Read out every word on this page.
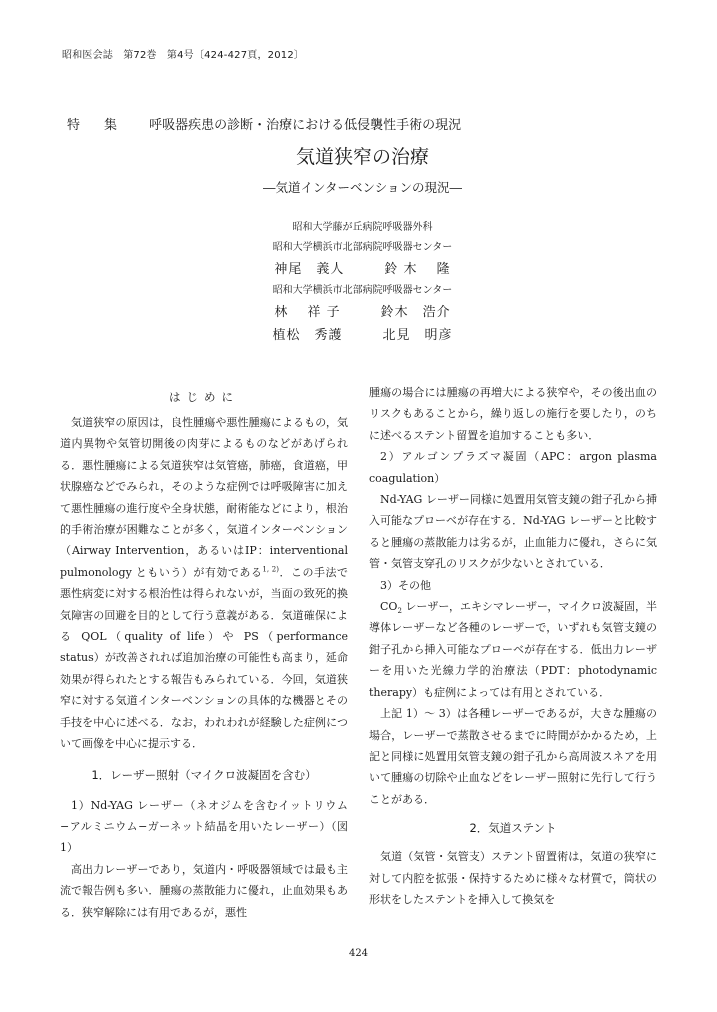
昭和医会誌　第72巻　第4号〔424-427頁，2012〕
特集 呼吸器疾患の診断・治療における低侵襲性手術の現況
気道狭窄の治療
―気道インターベンションの現況―
昭和大学藤が丘病院呼吸器外科
昭和大学横浜市北部病院呼吸器センター
神尾　義人	鈴 木　 隆
昭和大学横浜市北部病院呼吸器センター
林　 祥 子	鈴木　浩介
植松　秀護	北見　明彦
はじめに

気道狭窄の原因は，良性腫瘍や悪性腫瘍によるもの，気道内異物や気管切開後の肉芽によるものなどがあげられる．悪性腫瘍による気道狭窄は気管癌，肺癌，食道癌，甲状腺癌などでみられ，そのような症例では呼吸障害に加えて悪性腫瘍の進行度や全身状態，耐術能などにより，根治的手術治療が困難なことが多く，気道インターベンション（Airway Intervention，あるいはIP：interventional pulmonology ともいう）が有効である$^{1, 2)}$．この手法で悪性病変に対する根治性は得られないが，当面の致死的換気障害の回避を目的として行う意義がある．気道確保による QOL（quality of life）や PS（performance status）が改善されれば追加治療の可能性も高まり，延命効果が得られたとする報告もみられている．今回，気道狭窄に対する気道インターベンションの具体的な機器とその手技を中心に述べる．なお，われわれが経験した症例について画像を中心に提示する．

1．レーザー照射（マイクロ波凝固を含む）

1）Nd-YAG レーザー（ネオジムを含むイットリウム−アルミニウム−ガーネット結晶を用いたレーザー）（図 1）

高出力レーザーであり，気道内・呼吸器領域では最も主流で報告例も多い．腫瘍の蒸散能力に優れ，止血効果もある．狭窄解除には有用であるが，悪性

腫瘍の場合には腫瘍の再増大による狭窄や，その後出血のリスクもあることから，繰り返しの施行を要したり，のちに述べるステント留置を追加することも多い．

2）アルゴンプラズマ凝固（APC：argon plasma coagulation）

Nd-YAG レーザー同様に処置用気管支鏡の鉗子孔から挿入可能なプローベが存在する．Nd-YAG レーザーと比較すると腫瘍の蒸散能力は劣るが，止血能力に優れ，さらに気管・気管支穿孔のリスクが少ないとされている．

3）その他

$CO_2$ レーザー，エキシマレーザー，マイクロ波凝固，半導体レーザーなど各種のレーザーで，いずれも気管支鏡の鉗子孔から挿入可能なプローベが存在する．低出力レーザーを用いた光線力学的治療法（PDT：photodynamic therapy）も症例によっては有用とされている．

上記 1）〜 3）は各種レーザーであるが，大きな腫瘍の場合，レーザーで蒸散させるまでに時間がかかるため，上記と同様に処置用気管支鏡の鉗子孔から高周波スネアを用いて腫瘍の切除や止血などをレーザー照射に先行して行うことがある．

2．気道ステント

気道（気管・気管支）ステント留置術は，気道の狭窄に対して内腔を拡張・保持するために様々な材質で，筒状の形状をしたステントを挿入して換気を

424
